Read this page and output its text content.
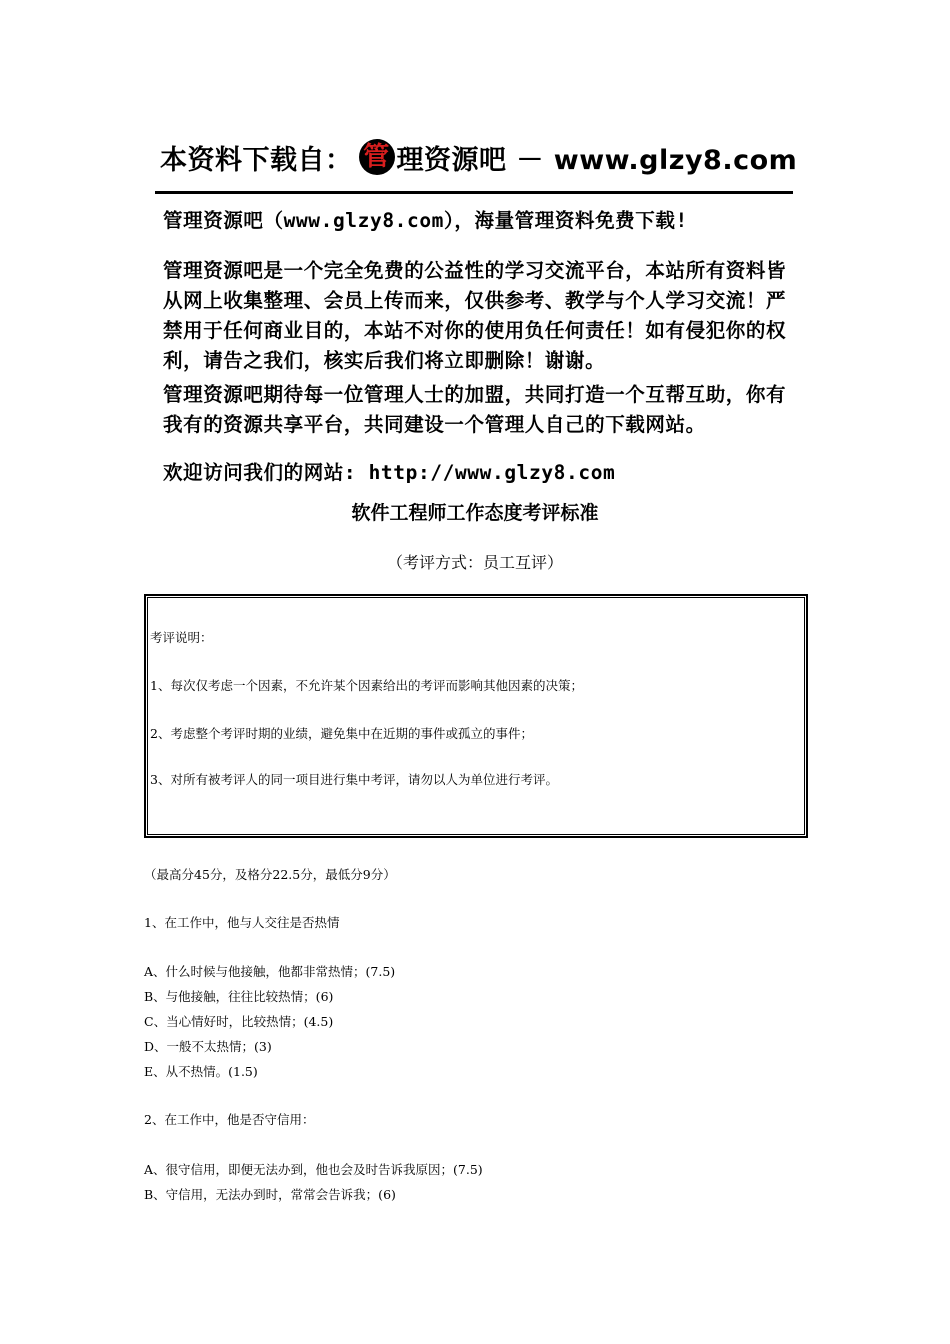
本资料下载自： 管 理资源吧 － www.glzy8.com
管理资源吧（www.glzy8.com），海量管理资料免费下载!
管理资源吧是一个完全免费的公益性的学习交流平台，本站所有资料皆从网上收集整理、会员上传而来，仅供参考、教学与个人学习交流！严禁用于任何商业目的，本站不对你的使用负任何责任！如有侵犯你的权利，请告之我们，核实后我们将立即删除！谢谢。
管理资源吧期待每一位管理人士的加盟，共同打造一个互帮互助，你有我有的资源共享平台，共同建设一个管理人自己的下载网站。
欢迎访问我们的网站: http://www.glzy8.com
软件工程师工作态度考评标准
（考评方式：员工互评）
考评说明：
1、每次仅考虑一个因素，不允许某个因素给出的考评而影响其他因素的决策；
2、考虑整个考评时期的业绩，避免集中在近期的事件或孤立的事件；
3、对所有被考评人的同一项目进行集中考评，请勿以人为单位进行考评。
（最高分45分，及格分22.5分，最低分9分）
1、在工作中，他与人交往是否热情
A、什么时候与他接触，他都非常热情；(7.5)
B、与他接触，往往比较热情；(6)
C、当心情好时，比较热情；(4.5)
D、一般不太热情；(3)
E、从不热情。(1.5)
2、在工作中，他是否守信用：
A、很守信用，即便无法办到，他也会及时告诉我原因；(7.5)
B、守信用，无法办到时，常常会告诉我；(6)
